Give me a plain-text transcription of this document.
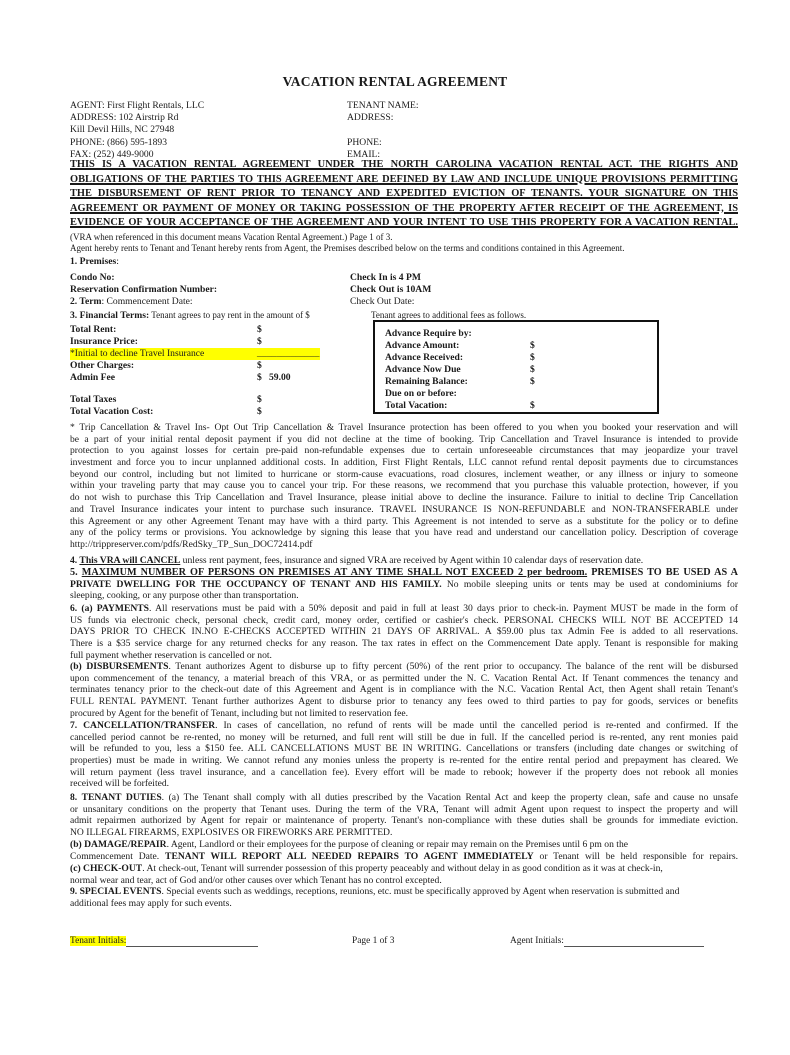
VACATION RENTAL AGREEMENT
AGENT: First Flight Rentals, LLC
ADDRESS: 102 Airstrip Rd
Kill Devil Hills, NC 27948
PHONE: (866) 595-1893
FAX: (252) 449-9000
TENANT NAME:
ADDRESS:
PHONE:
EMAIL:
THIS IS A VACATION RENTAL AGREEMENT UNDER THE NORTH CAROLINA VACATION RENTAL ACT. THE RIGHTS AND
OBLIGATIONS OF THE PARTIES TO THIS AGREEMENT ARE DEFINED BY LAW AND INCLUDE UNIQUE PROVISIONS PERMITTING
THE DISBURSEMENT OF RENT PRIOR TO TENANCY AND EXPEDITED EVICTION OF TENANTS. YOUR SIGNATURE ON THIS
AGREEMENT OR PAYMENT OF MONEY OR TAKING POSSESSION OF THE PROPERTY AFTER RECEIPT OF THE AGREEMENT, IS
EVIDENCE OF YOUR ACCEPTANCE OF THE AGREEMENT AND YOUR INTENT TO USE THIS PROPERTY FOR A VACATION RENTAL.
(VRA when referenced in this document means Vacation Rental Agreement.) Page 1 of 3.
Agent hereby rents to Tenant and Tenant hereby rents from Agent, the Premises described below on the terms and conditions contained in this Agreement.
1. Premises:
Condo No:
Reservation Confirmation Number:
Check In is 4 PM
Check Out is 10AM
2. Term: Commencement Date:	Check Out Date:
3. Financial Terms: Tenant agrees to pay rent in the amount of $	Tenant agrees to additional fees as follows.
Total Rent:	$
Insurance Price:	$
*Initial to decline Travel Insurance	_____________
Other Charges:	$
Admin Fee	$   59.00
Total Taxes	$
Total Vacation Cost:	$
Advance Require by:
Advance Amount:	$
Advance Received:	$
Advance Now Due	$
Remaining Balance:	$
Due on or before:
Total Vacation:	$
* Trip Cancellation & Travel Ins- Opt Out Trip Cancellation & Travel Insurance protection has been offered to you when you booked your reservation and will
be a part of your initial rental deposit payment if you did not decline at the time of booking. Trip Cancellation and Travel Insurance is intended to provide
protection to you against losses for certain pre-paid non-refundable expenses due to certain unforeseeable circumstances that may jeopardize your travel
investment and force you to incur unplanned additional costs. In addition, First Flight Rentals, LLC cannot refund rental deposit payments due to circumstances
beyond our control, including but not limited to hurricane or storm-cause evacuations, road closures, inclement weather, or any illness or injury to someone
within your traveling party that may cause you to cancel your trip. For these reasons, we recommend that you purchase this valuable protection, however, if you
do not wish to purchase this Trip Cancellation and Travel Insurance, please initial above to decline the insurance. Failure to initial to decline Trip Cancellation
and Travel Insurance indicates your intent to purchase such insurance. TRAVEL INSURANCE IS NON-REFUNDABLE and NON-TRANSFERABLE under
this Agreement or any other Agreement Tenant may have with a third party. This Agreement is not intended to serve as a substitute for the policy or to define
any of the policy terms or provisions. You acknowledge by signing this lease that you have read and understand our cancellation policy. Description of coverage
http://trippreserver.com/pdfs/RedSky_TP_Sun_DOC72414.pdf
4. This VRA will CANCEL unless rent payment, fees, insurance and signed VRA are received by Agent within 10 calendar days of reservation date.
5. MAXIMUM NUMBER OF PERSONS ON PREMISES AT ANY TIME SHALL NOT EXCEED 2 per bedroom. PREMISES TO BE USED AS A
PRIVATE DWELLING FOR THE OCCUPANCY OF TENANT AND HIS FAMILY. No mobile sleeping units or tents may be used at condominiums for
sleeping, cooking, or any purpose other than transportation.
6. (a) PAYMENTS. All reservations must be paid with a 50% deposit and paid in full at least 30 days prior to check-in. Payment MUST be made in the form of
US funds via electronic check, personal check, credit card, money order, certified or cashier's check. PERSONAL CHECKS WILL NOT BE ACCEPTED 14
DAYS PRIOR TO CHECK IN.NO E-CHECKS ACCEPTED WITHIN 21 DAYS OF ARRIVAL. A $59.00 plus tax Admin Fee is added to all reservations.
There is a $35 service charge for any returned checks for any reason. The tax rates in effect on the Commencement Date apply. Tenant is responsible for making
full payment whether reservation is cancelled or not.
(b) DISBURSEMENTS. Tenant authorizes Agent to disburse up to fifty percent (50%) of the rent prior to occupancy. The balance of the rent will be disbursed
upon commencement of the tenancy, a material breach of this VRA, or as permitted under the N. C. Vacation Rental Act. If Tenant commences the tenancy and
terminates tenancy prior to the check-out date of this Agreement and Agent is in compliance with the N.C. Vacation Rental Act, then Agent shall retain Tenant's
FULL RENTAL PAYMENT. Tenant further authorizes Agent to disburse prior to tenancy any fees owed to third parties to pay for goods, services or benefits
procured by Agent for the benefit of Tenant, including but not limited to reservation fee.
7. CANCELLATION/TRANSFER. In cases of cancellation, no refund of rents will be made until the cancelled period is re-rented and confirmed. If the
cancelled period cannot be re-rented, no money will be returned, and full rent will still be due in full. If the cancelled period is re-rented, any rent monies paid
will be refunded to you, less a $150 fee. ALL CANCELLATIONS MUST BE IN WRITING. Cancellations or transfers (including date changes or switching of
properties) must be made in writing. We cannot refund any monies unless the property is re-rented for the entire rental period and prepayment has cleared. We
will return payment (less travel insurance, and a cancellation fee). Every effort will be made to rebook; however if the property does not rebook all monies
received will be forfeited.
8. TENANT DUTIES. (a) The Tenant shall comply with all duties prescribed by the Vacation Rental Act and keep the property clean, safe and cause no unsafe
or unsanitary conditions on the property that Tenant uses. During the term of the VRA, Tenant will admit Agent upon request to inspect the property and will
admit repairmen authorized by Agent for repair or maintenance of property. Tenant's non-compliance with these duties shall be grounds for immediate eviction.
NO ILLEGAL FIREARMS, EXPLOSIVES OR FIREWORKS ARE PERMITTED.
(b) DAMAGE/REPAIR. Agent, Landlord or their employees for the purpose of cleaning or repair may remain on the Premises until 6 pm on the
Commencement Date. TENANT WILL REPORT ALL NEEDED REPAIRS TO AGENT IMMEDIATELY or Tenant will be held responsible for repairs.
(c) CHECK-OUT. At check-out, Tenant will surrender possession of this property peaceably and without delay in as good condition as it was at check-in,
normal wear and tear, act of God and/or other causes over which Tenant has no control excepted.
9. SPECIAL EVENTS. Special events such as weddings, receptions, reunions, etc. must be specifically approved by Agent when reservation is submitted and
additional fees may apply for such events.
Tenant Initials:	Page 1 of 3	Agent Initials:
